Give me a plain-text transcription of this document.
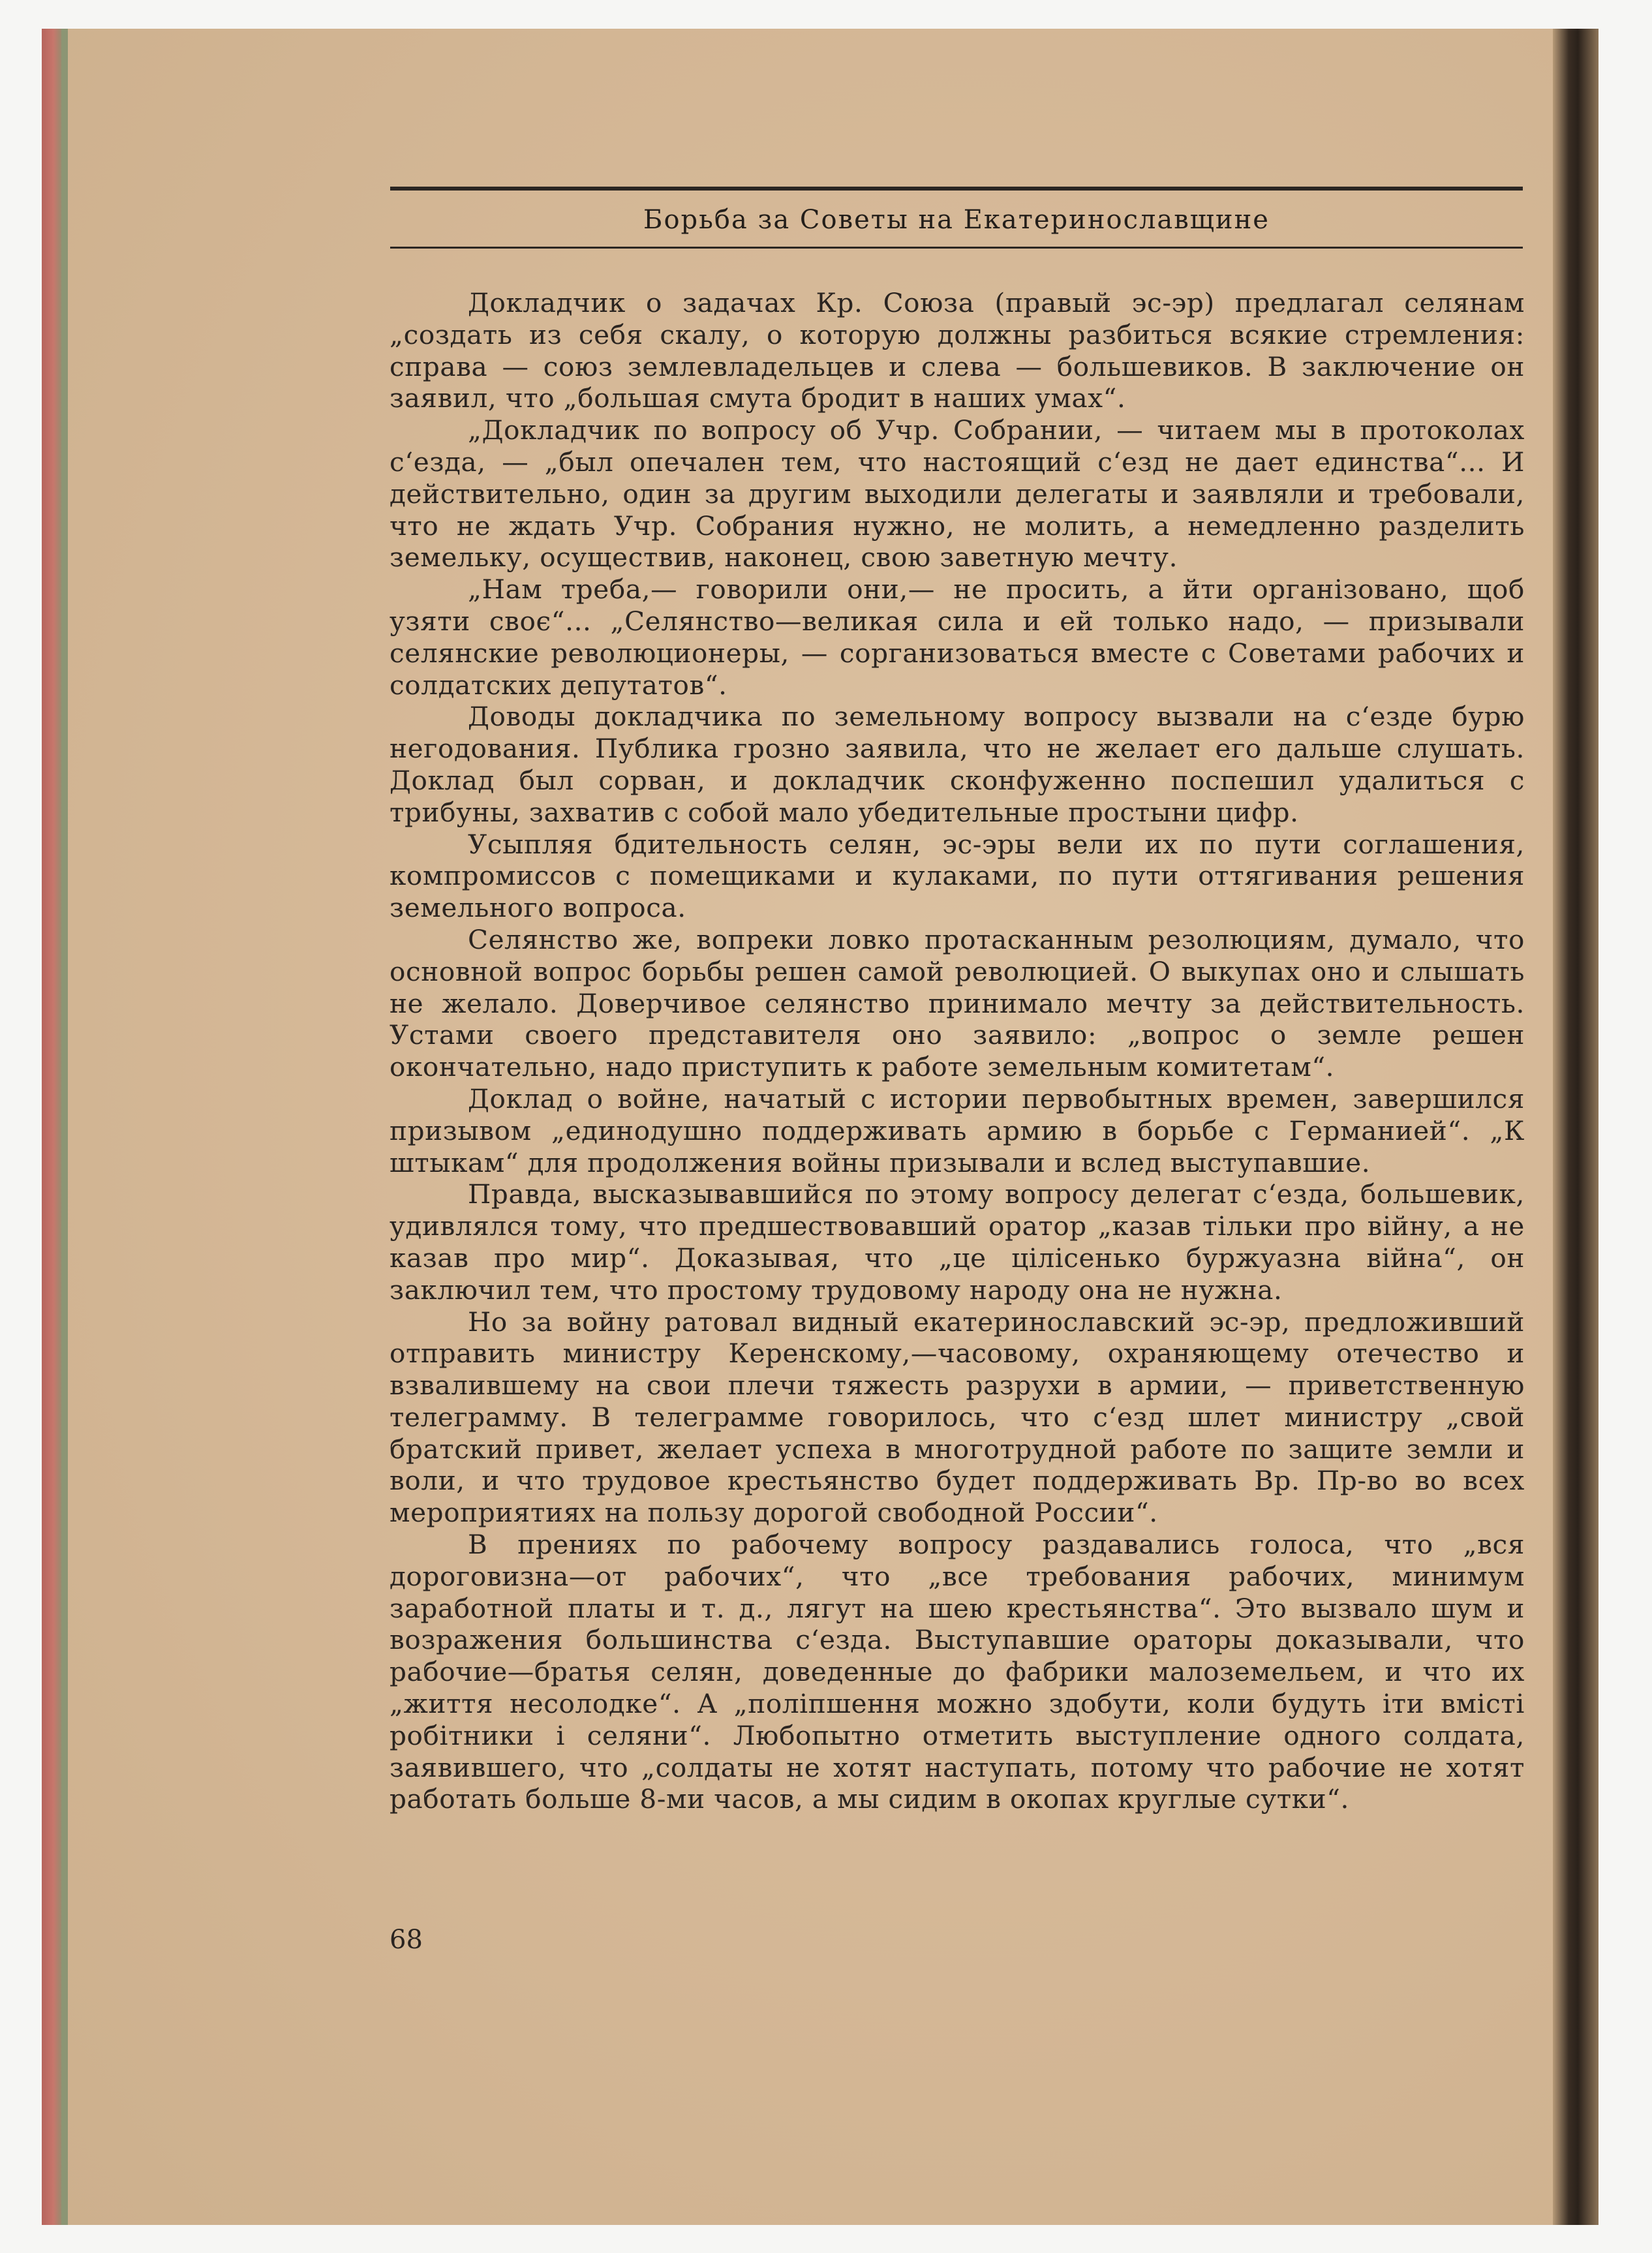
Борьба за Советы на Екатеринославщине

Докладчик о задачах Кр. Союза (правый эс-эр) предлагал селянам „создать из себя скалу, о которую должны разбиться всякие стремления: справа — союз землевладельцев и слева — большевиков. В заключение он заявил, что „большая смута бродит в наших умах“.

„Докладчик по вопросу об Учр. Собрании, — читаем мы в протоколах сʻезда, — „был опечален тем, что настоящий сʻезд не дает единства“... И действительно, один за другим выходили делегаты и заявляли и требовали, что не ждать Учр. Собрания нужно, не молить, а немедленно разделить земельку, осуществив, наконец, свою заветную мечту.

„Нам треба,— говорили они,— не просить, а йти організовано, щоб узяти своє“... „Селянство—великая сила и ей только надо, — призывали селянские революционеры, — сорганизоваться вместе с Советами рабочих и солдатских депутатов“.

Доводы докладчика по земельному вопросу вызвали на сʻезде бурю негодования. Публика грозно заявила, что не желает его дальше слушать. Доклад был сорван, и докладчик сконфуженно поспешил удалиться с трибуны, захватив с собой мало убедительные простыни цифр.

Усыпляя бдительность селян, эс-эры вели их по пути соглашения, компромиссов с помещиками и кулаками, по пути оттягивания решения земельного вопроса.

Селянство же, вопреки ловко протасканным резолюциям, думало, что основной вопрос борьбы решен самой революцией. О выкупах оно и слышать не желало. Доверчивое селянство принимало мечту за действительность. Устами своего представителя оно заявило: „вопрос о земле решен окончательно, надо приступить к работе земельным комитетам“.

Доклад о войне, начатый с истории первобытных времен, завершился призывом „единодушно поддерживать армию в борьбе с Германией“. „К штыкам“ для продолжения войны призывали и вслед выступавшие.

Правда, высказывавшийся по этому вопросу делегат сʻезда, большевик, удивлялся тому, что предшествовавший оратор „казав тільки про війну, а не казав про мир“. Доказывая, что „це цілісенько буржуазна війна“, он заключил тем, что простому трудовому народу она не нужна.

Но за войну ратовал видный екатеринославский эс-эр, предложивший отправить министру Керенскому,—часовому, охраняющему отечество и взвалившему на свои плечи тяжесть разрухи в армии, — приветственную телеграмму. В телеграмме говорилось, что сʻезд шлет министру „свой братский привет, желает успеха в многотрудной работе по защите земли и воли, и что трудовое крестьянство будет поддерживать Вр. Пр-во во всех мероприятиях на пользу дорогой свободной России“.

В прениях по рабочему вопросу раздавались голоса, что „вся дороговизна—от рабочих“, что „все требования рабочих, минимум заработной платы и т. д., лягут на шею крестьянства“. Это вызвало шум и возражения большинства сʻезда. Выступавшие ораторы доказывали, что рабочие—братья селян, доведенные до фабрики малоземельем, и что их „життя несолодке“. А „поліпшення можно здобути, коли будуть іти вмісті робітники і селяни“. Любопытно отметить выступление одного солдата, заявившего, что „солдаты не хотят наступать, потому что рабочие не хотят работать больше 8-ми часов, а мы сидим в окопах круглые сутки“.

68
